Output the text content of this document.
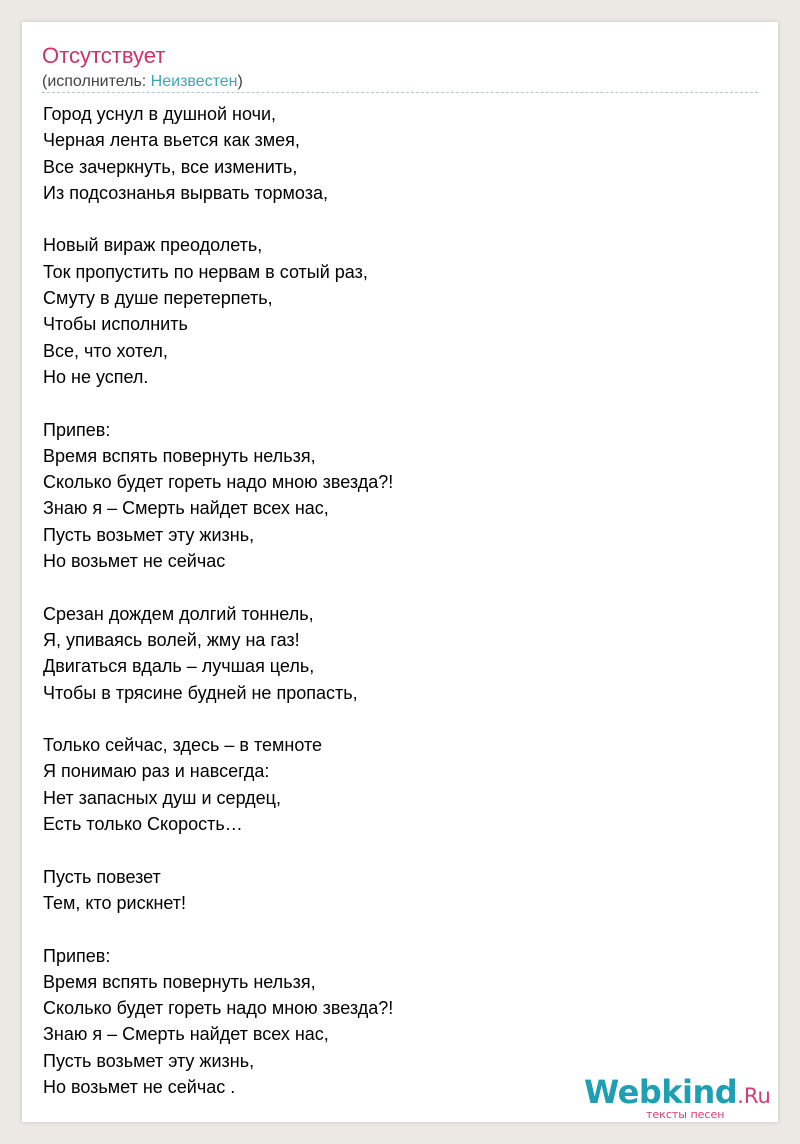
Отсутствует
(исполнитель: Неизвестен)
Город уснул в душной ночи,
Черная лента вьется как змея,
Все зачеркнуть, все изменить,
Из подсознанья вырвать тормоза,
Новый вираж преодолеть,
Ток пропустить по нервам в сотый раз,
Смуту в душе перетерпеть,
Чтобы исполнить
Все, что хотел,
Но не успел.
Припев:
Время вспять повернуть нельзя,
Сколько будет гореть надо мною звезда?!
Знаю я – Смерть найдет всех нас,
Пусть возьмет эту жизнь,
Но возьмет не сейчас
Срезан дождем долгий тоннель,
Я, упиваясь волей, жму на газ!
Двигаться вдаль – лучшая цель,
Чтобы в трясине будней не пропасть,
Только сейчас, здесь – в темноте
Я понимаю раз и навсегда:
Нет запасных душ и сердец,
Есть только Скорость…
Пусть повезет
Тем, кто рискнет!
Припев:
Время вспять повернуть нельзя,
Сколько будет гореть надо мною звезда?!
Знаю я – Смерть найдет всех нас,
Пусть возьмет эту жизнь,
Но возьмет не сейчас .	Webkind.Ru
тексты песен
